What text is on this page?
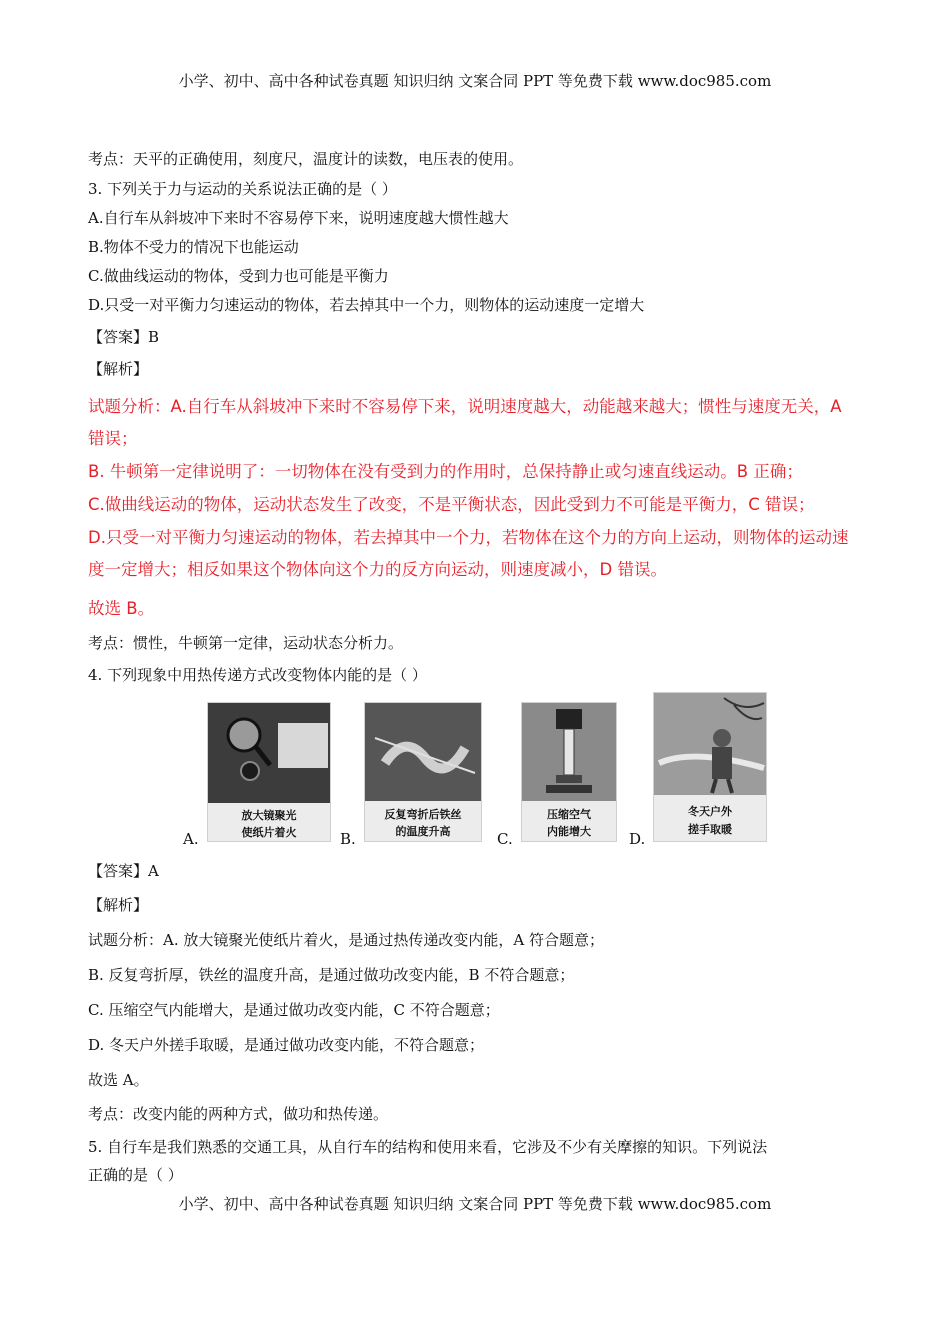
小学、初中、高中各种试卷真题 知识归纳 文案合同 PPT 等免费下载 www.doc985.com
考点：天平的正确使用，刻度尺，温度计的读数，电压表的使用。
3. 下列关于力与运动的关系说法正确的是（ ）
A.自行车从斜坡冲下来时不容易停下来，说明速度越大惯性越大
B.物体不受力的情况下也能运动
C.做曲线运动的物体，受到力也可能是平衡力
D.只受一对平衡力匀速运动的物体，若去掉其中一个力，则物体的运动速度一定增大
【答案】B
【解析】
试题分析：A.自行车从斜坡冲下来时不容易停下来，说明速度越大，动能越来越大；惯性与速度无关，A
错误；
B. 牛顿第一定律说明了：一切物体在没有受到力的作用时，总保持静止或匀速直线运动。B 正确；
C.做曲线运动的物体，运动状态发生了改变，不是平衡状态，因此受到力不可能是平衡力，C 错误；
D.只受一对平衡力匀速运动的物体，若去掉其中一个力，若物体在这个力的方向上运动，则物体的运动速
度一定增大；相反如果这个物体向这个力的反方向运动，则速度减小，D 错误。
故选 B。
考点：惯性，牛顿第一定律，运动状态分析力。
4. 下列现象中用热传递方式改变物体内能的是（ ）
放大镜聚光
使纸片着火
A.
反复弯折后铁丝
的温度升高
B.
压缩空气
内能增大
C.
冬天户外
搓手取暖
D.
【答案】A
【解析】
试题分析：A. 放大镜聚光使纸片着火，是通过热传递改变内能，A 符合题意；
B. 反复弯折厚，铁丝的温度升高，是通过做功改变内能，B 不符合题意；
C. 压缩空气内能增大，是通过做功改变内能，C 不符合题意；
D. 冬天户外搓手取暖，是通过做功改变内能，不符合题意；
故选 A。
考点：改变内能的两种方式，做功和热传递。
5. 自行车是我们熟悉的交通工具，从自行车的结构和使用来看，它涉及不少有关摩擦的知识。下列说法
正确的是（ ）
小学、初中、高中各种试卷真题 知识归纳 文案合同 PPT 等免费下载 www.doc985.com
